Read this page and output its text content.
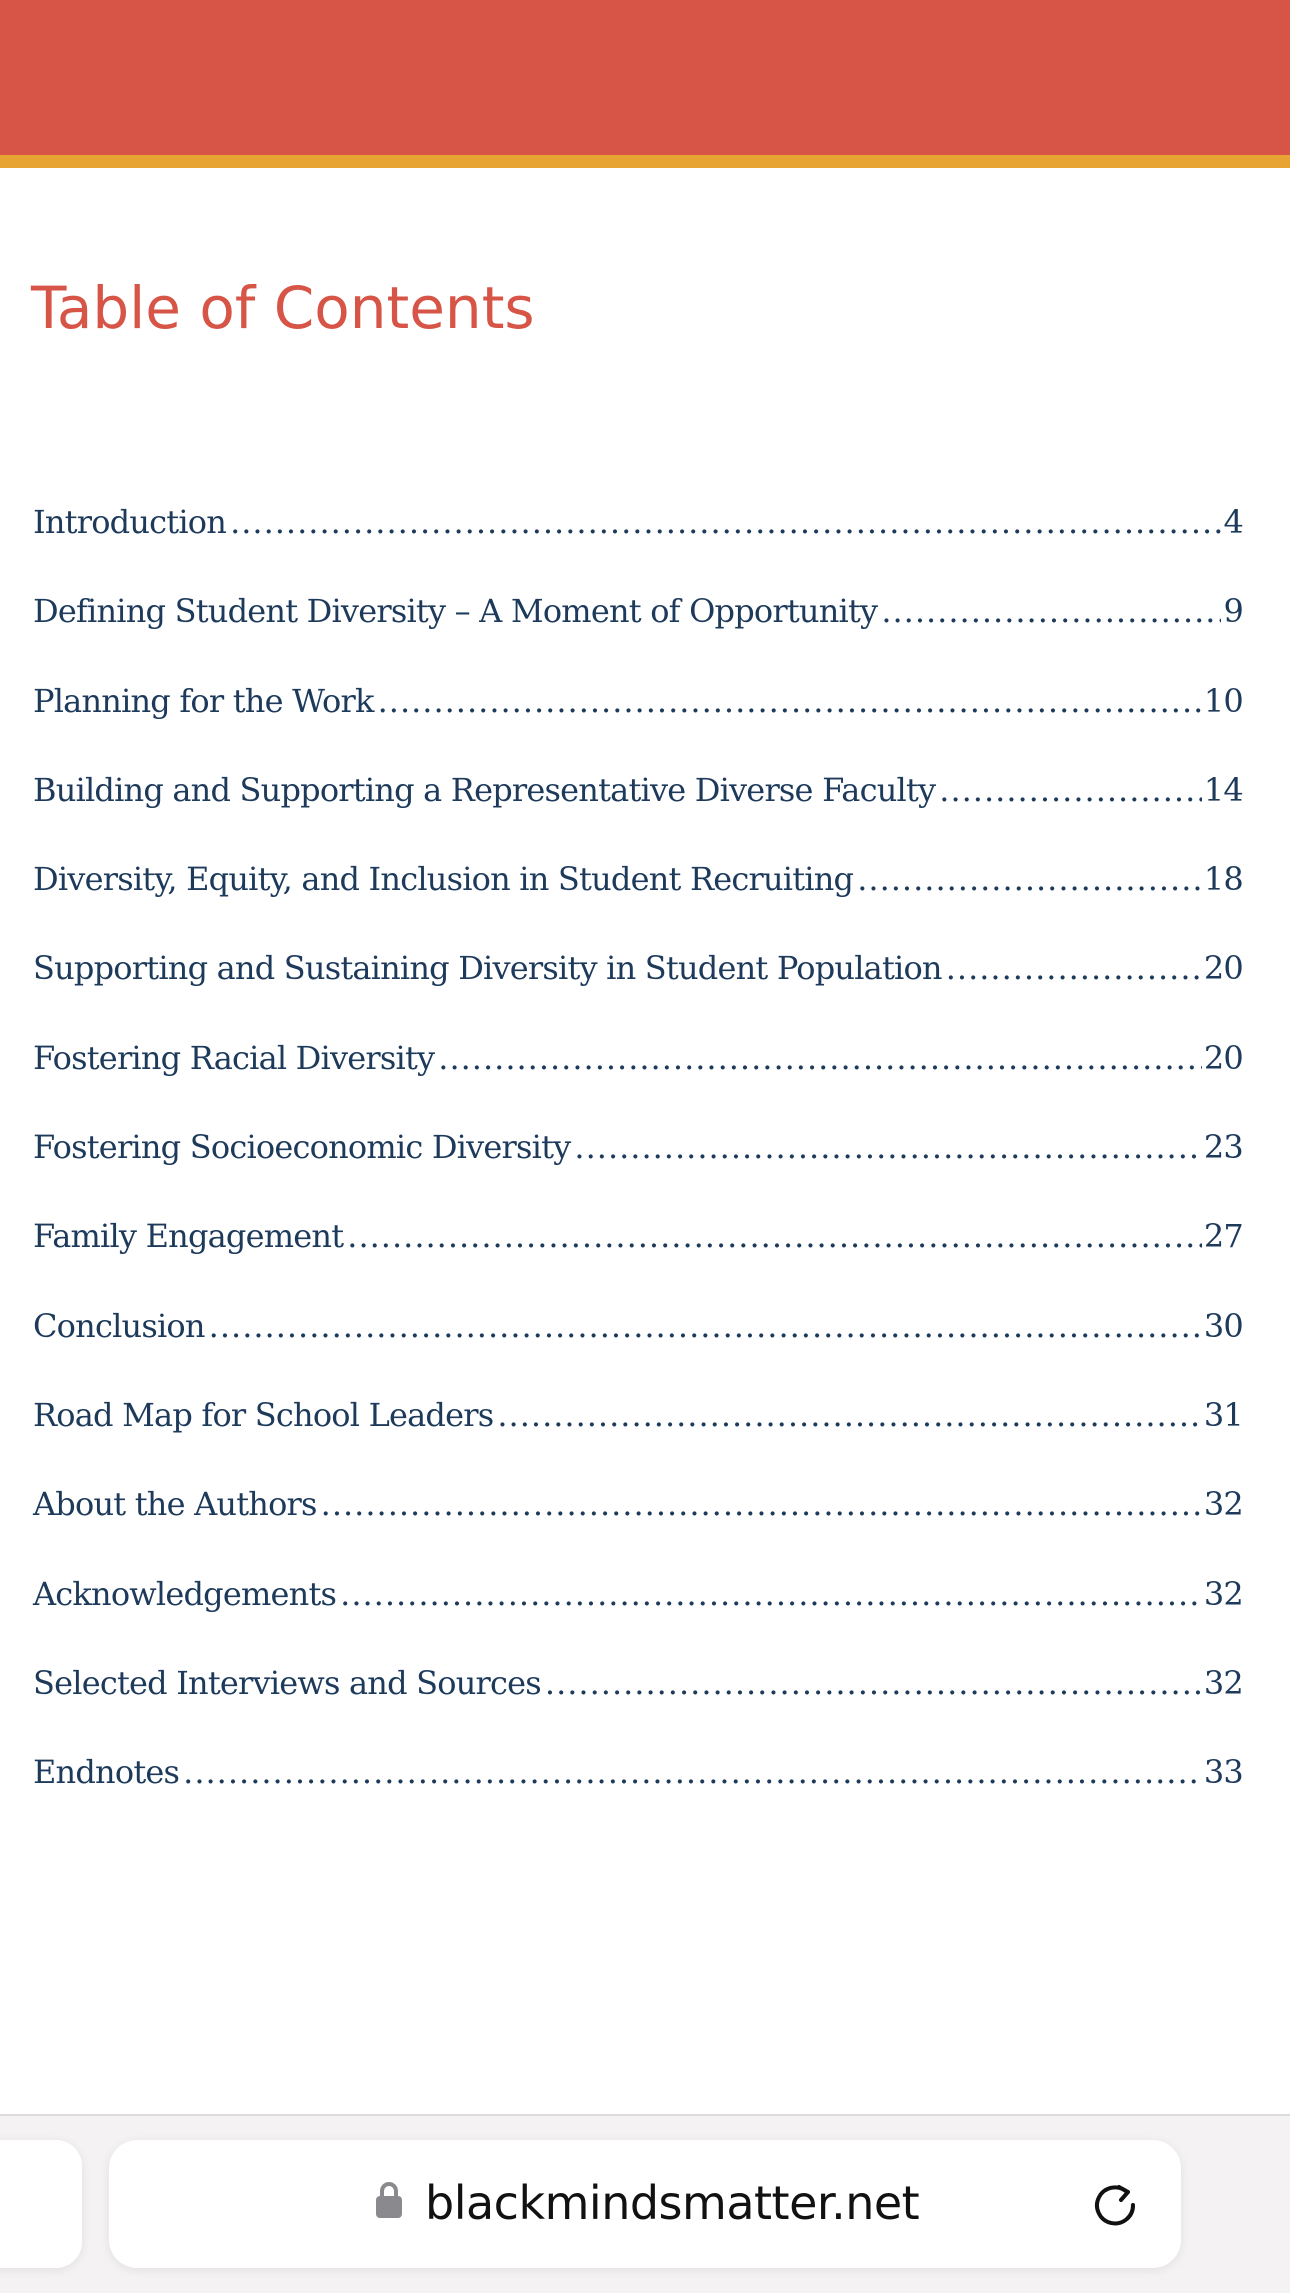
Table of Contents
Introduction .....	4
Defining Student Diversity – A Moment of Opportunity .....	9
Planning for the Work .....	10
Building and Supporting a Representative Diverse Faculty .....	14
Diversity, Equity, and Inclusion in Student Recruiting .....	18
Supporting and Sustaining Diversity in Student Population .....	20
Fostering Racial Diversity .....	20
Fostering Socioeconomic Diversity .....	23
Family Engagement .....	27
Conclusion .....	30
Road Map for School Leaders .....	31
About the Authors .....	32
Acknowledgements .....	32
Selected Interviews and Sources .....	32
Endnotes .....	33
blackmindsmatter.net
